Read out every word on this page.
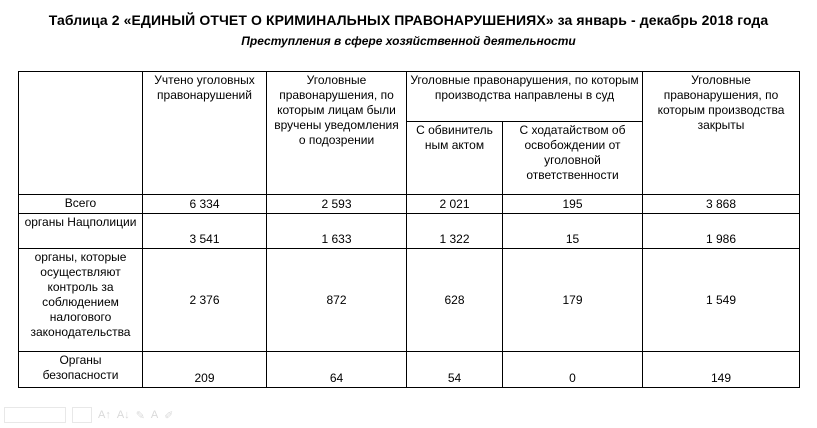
Таблица 2 «ЕДИНЫЙ ОТЧЕТ О КРИМИНАЛЬНЫХ ПРАВОНАРУШЕНИЯХ» за январь - декабрь 2018 года
Преступления в сфере хозяйственной деятельности
	Учтено уголовных правонарушений	Уголовные правонарушения, по которым лицам были вручены уведомления о подозрении	Уголовные правонарушения, по которым производства направлены в суд		Уголовные правонарушения, по которым производства закрыты
			С обвинитель ным актом	С ходатайством об освобождении от уголовной ответственности	
Всего	6 334	2 593	2 021	195	3 868
органы Нацполиции	3 541	1 633	1 322	15	1 986
органы, которые осуществляют контроль за соблюдением налогового законодательства	2 376	872	628	179	1 549
Органы безопасности	209	64	54	0	149
A↑ A↓ ✎ A ✐
